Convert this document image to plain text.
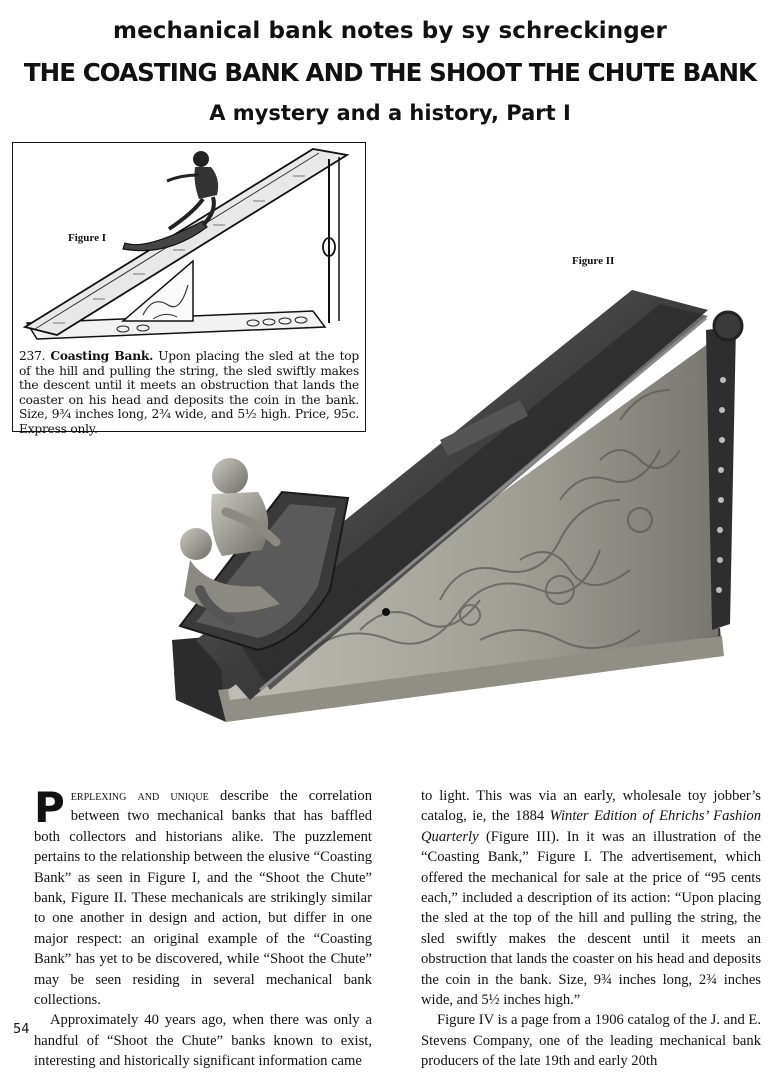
mechanical bank notes by sy schreckinger
THE COASTING BANK AND THE SHOOT THE CHUTE BANK
A mystery and a history, Part I
Figure I
237. Coasting Bank. Upon placing the sled at the top of the hill and pulling the string, the sled swiftly makes the descent until it meets an obstruction that lands the coaster on his head and deposits the coin in the bank. Size, 9¾ inches long, 2¾ wide, and 5½ high. Price, 95c. Express only.
Figure II

Perplexing and unique describe the correlation between two mechanical banks that has baffled both collectors and historians alike. The puzzlement pertains to the relationship between the elusive “Coasting Bank” as seen in Figure I, and the “Shoot the Chute” bank, Figure II. These mechanicals are strikingly similar to one another in design and action, but differ in one major respect: an original example of the “Coasting Bank” has yet to be discovered, while “Shoot the Chute” may be seen residing in several mechanical bank collections.

Approximately 40 years ago, when there was only a handful of “Shoot the Chute” banks known to exist, interesting and historically significant information came

to light. This was via an early, wholesale toy jobber’s catalog, ie, the 1884 Winter Edition of Ehrichs’ Fashion Quarterly (Figure III). In it was an illustration of the “Coasting Bank,” Figure I. The advertisement, which offered the mechanical for sale at the price of “95 cents each,” included a description of its action: “Upon placing the sled at the top of the hill and pulling the string, the sled swiftly makes the descent until it meets an obstruction that lands the coaster on his head and deposits the coin in the bank. Size, 9¾ inches long, 2¾ inches wide, and 5½ inches high.”

Figure IV is a page from a 1906 catalog of the J. and E. Stevens Company, one of the leading mechanical bank producers of the late 19th and early 20th

54
